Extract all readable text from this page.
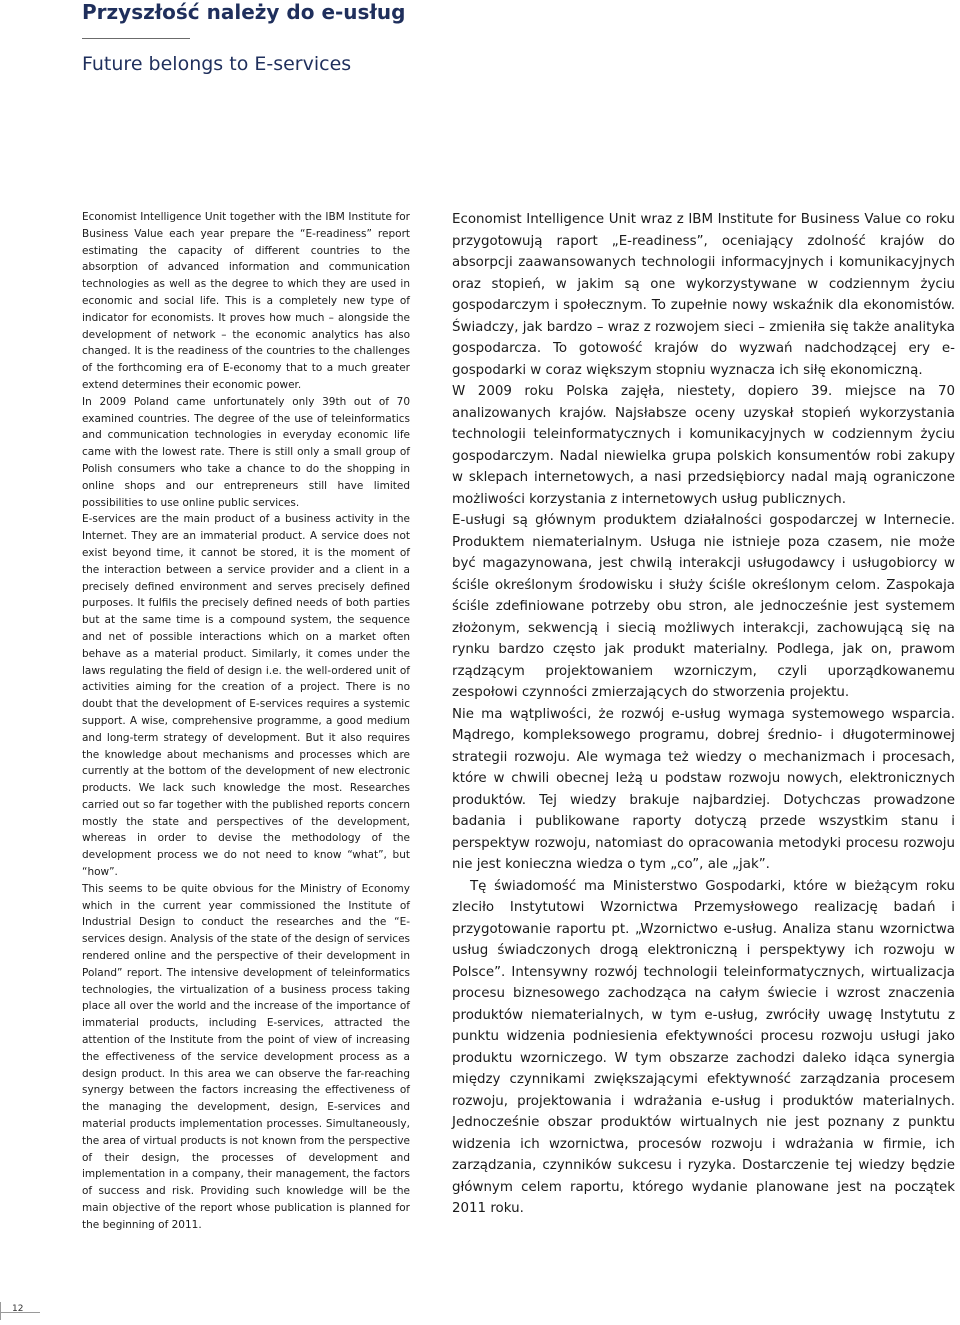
Przyszłość należy do e-usług
Future belongs to E-services

Economist Intelligence Unit together with the IBM Institute for Business Value each year prepare the “E-readiness” report estimating the capacity of different countries to the absorption of advanced information and communication technologies as well as the degree to which they are used in economic and social life. This is a completely new type of indicator for economists. It proves how much – alongside the development of network – the economic analytics has also changed. It is the readiness of the countries to the challenges of the forthcoming era of E-economy that to a much greater extend determines their economic power.

In 2009 Poland came unfortunately only 39th out of 70 examined countries. The degree of the use of teleinformatics and communication technologies in everyday economic life came with the lowest rate. There is still only a small group of Polish consumers who take a chance to do the shopping in online shops and our entrepreneurs still have limited possibilities to use online public services.

E-services are the main product of a business activity in the Internet. They are an immaterial product. A service does not exist beyond time, it cannot be stored, it is the moment of the interaction between a service provider and a client in a precisely defined environment and serves precisely defined purposes. It fulfils the precisely defined needs of both parties but at the same time is a compound system, the sequence and net of possible interactions which on a market often behave as a material product. Similarly, it comes under the laws regulating the field of design i.e. the well-ordered unit of activities aiming for the creation of a project. There is no doubt that the development of E-services requires a systemic support. A wise, comprehensive programme, a good medium and long-term strategy of development. But it also requires the knowledge about mechanisms and processes which are currently at the bottom of the development of new electronic products. We lack such knowledge the most. Researches carried out so far together with the published reports concern mostly the state and perspectives of the development, whereas in order to devise the methodology of the development process we do not need to know “what”, but “how”.

This seems to be quite obvious for the Ministry of Economy which in the current year commissioned the Institute of Industrial Design to conduct the researches and the “E-services design. Analysis of the state of the design of services rendered online and the perspective of their development in Poland” report. The intensive development of teleinformatics technologies, the virtualization of a business process taking place all over the world and the increase of the importance of immaterial products, including E-services, attracted the attention of the Institute from the point of view of increasing the effectiveness of the service development process as a design product. In this area we can observe the far-reaching synergy between the factors increasing the effectiveness of the managing the development, design, E-services and material products implementation processes. Simultaneously, the area of virtual products is not known from the perspective of their design, the processes of development and implementation in a company, their management, the factors of success and risk. Providing such knowledge will be the main objective of the report whose publication is planned for the beginning of 2011.

Economist Intelligence Unit wraz z IBM Institute for Business Value co roku przygotowują raport „E-readiness”, oceniający zdolność krajów do absorpcji zaawansowanych technologii informacyjnych i komunikacyjnych oraz stopień, w jakim są one wykorzystywane w codziennym życiu gospodarczym i społecznym. To zupełnie nowy wskaźnik dla ekonomistów. Świadczy, jak bardzo – wraz z rozwojem sieci – zmieniła się także analityka gospodarcza. To gotowość krajów do wyzwań nadchodzącej ery e-gospodarki w coraz większym stopniu wyznacza ich siłę ekonomiczną.

W 2009 roku Polska zajęła, niestety, dopiero 39. miejsce na 70 analizowanych krajów. Najsłabsze oceny uzyskał stopień wykorzystania technologii teleinformatycznych i komunikacyjnych w codziennym życiu gospodarczym. Nadal niewielka grupa polskich konsumentów robi zakupy w sklepach internetowych, a nasi przedsiębiorcy nadal mają ograniczone możliwości korzystania z internetowych usług publicznych.

E-usługi są głównym produktem działalności gospodarczej w Internecie. Produktem niematerialnym. Usługa nie istnieje poza czasem, nie może być magazynowana, jest chwilą interakcji usługodawcy i usługobiorcy w ściśle określonym środowisku i służy ściśle określonym celom. Zaspokaja ściśle zdefiniowane potrzeby obu stron, ale jednocześnie jest systemem złożonym, sekwencją i siecią możliwych interakcji, zachowującą się na rynku bardzo często jak produkt materialny. Podlega, jak on, prawom rządzącym projektowaniem wzorniczym, czyli uporządkowanemu zespołowi czynności zmierzających do stworzenia projektu.

Nie ma wątpliwości, że rozwój e-usług wymaga systemowego wsparcia. Mądrego, kompleksowego programu, dobrej średnio- i długoterminowej strategii rozwoju. Ale wymaga też wiedzy o mechanizmach i procesach, które w chwili obecnej leżą u podstaw rozwoju nowych, elektronicznych produktów. Tej wiedzy brakuje najbardziej. Dotychczas prowadzone badania i publikowane raporty dotyczą przede wszystkim stanu i perspektyw rozwoju, natomiast do opracowania metodyki procesu rozwoju nie jest konieczna wiedza o tym „co”, ale „jak”.

Tę świadomość ma Ministerstwo Gospodarki, które w bieżącym roku zleciło Instytutowi Wzornictwa Przemysłowego realizację badań i przygotowanie raportu pt. „Wzornictwo e-usług. Analiza stanu wzornictwa usług świadczonych drogą elektroniczną i perspektywy ich rozwoju w Polsce”. Intensywny rozwój technologii teleinformatycznych, wirtualizacja procesu biznesowego zachodząca na całym świecie i wzrost znaczenia produktów niematerialnych, w tym e-usług, zwróciły uwagę Instytutu z punktu widzenia podniesienia efektywności procesu rozwoju usługi jako produktu wzorniczego. W tym obszarze zachodzi daleko idąca synergia między czynnikami zwiększającymi efektywność zarządzania procesem rozwoju, projektowania i wdrażania e-usług i produktów materialnych. Jednocześnie obszar produktów wirtualnych nie jest poznany z punktu widzenia ich wzornictwa, procesów rozwoju i wdrażania w firmie, ich zarządzania, czynników sukcesu i ryzyka. Dostarczenie tej wiedzy będzie głównym celem raportu, którego wydanie planowane jest na początek 2011 roku.

12
